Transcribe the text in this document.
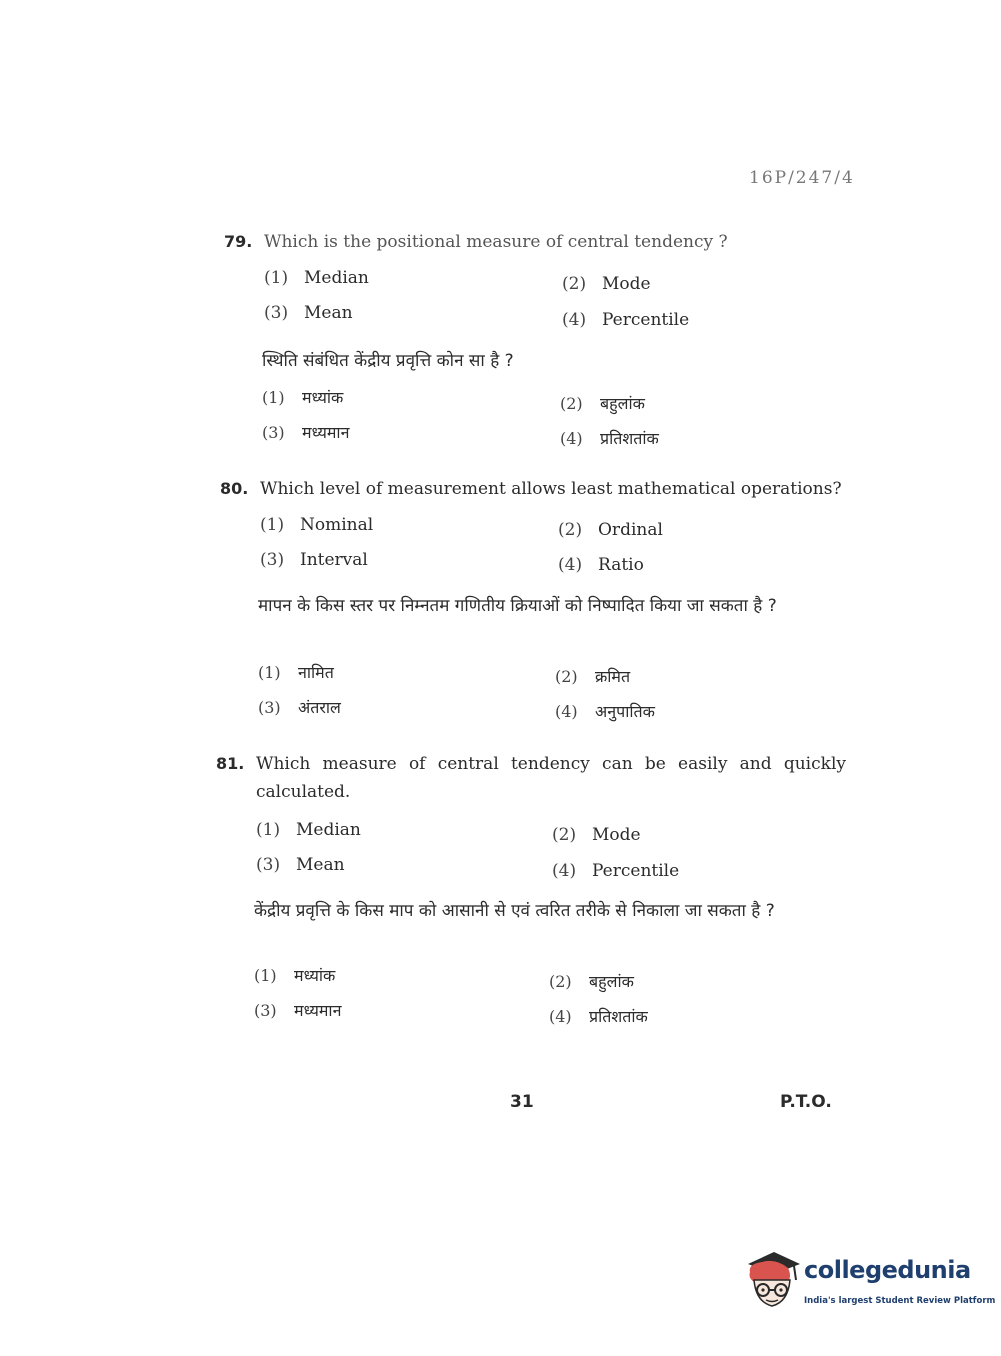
16P/247/4
79. Which is the positional measure of central tendency ?
(1) Median	(2) Mode
(3) Mean	(4) Percentile
स्थिति संबंधित केंद्रीय प्रवृत्ति कोन सा है ?
(1) मध्यांक	(2) बहुलांक
(3) मध्यमान	(4) प्रतिशतांक
80. Which level of measurement allows least mathematical operations?
(1) Nominal	(2) Ordinal
(3) Interval	(4) Ratio
मापन के किस स्तर पर निम्नतम गणितीय क्रियाओं को निष्पादित किया जा सकता है ?
(1) नामित	(2) क्रमित
(3) अंतराल	(4) अनुपातिक
81. Which measure of central tendency can be easily and quickly calculated.
(1) Median	(2) Mode
(3) Mean	(4) Percentile
केंद्रीय प्रवृत्ति के किस माप को आसानी से एवं त्वरित तरीके से निकाला जा सकता है ?
(1) मध्यांक	(2) बहुलांक
(3) मध्यमान	(4) प्रतिशतांक
31	P.T.O.
collegedunia
India's largest Student Review Platform
